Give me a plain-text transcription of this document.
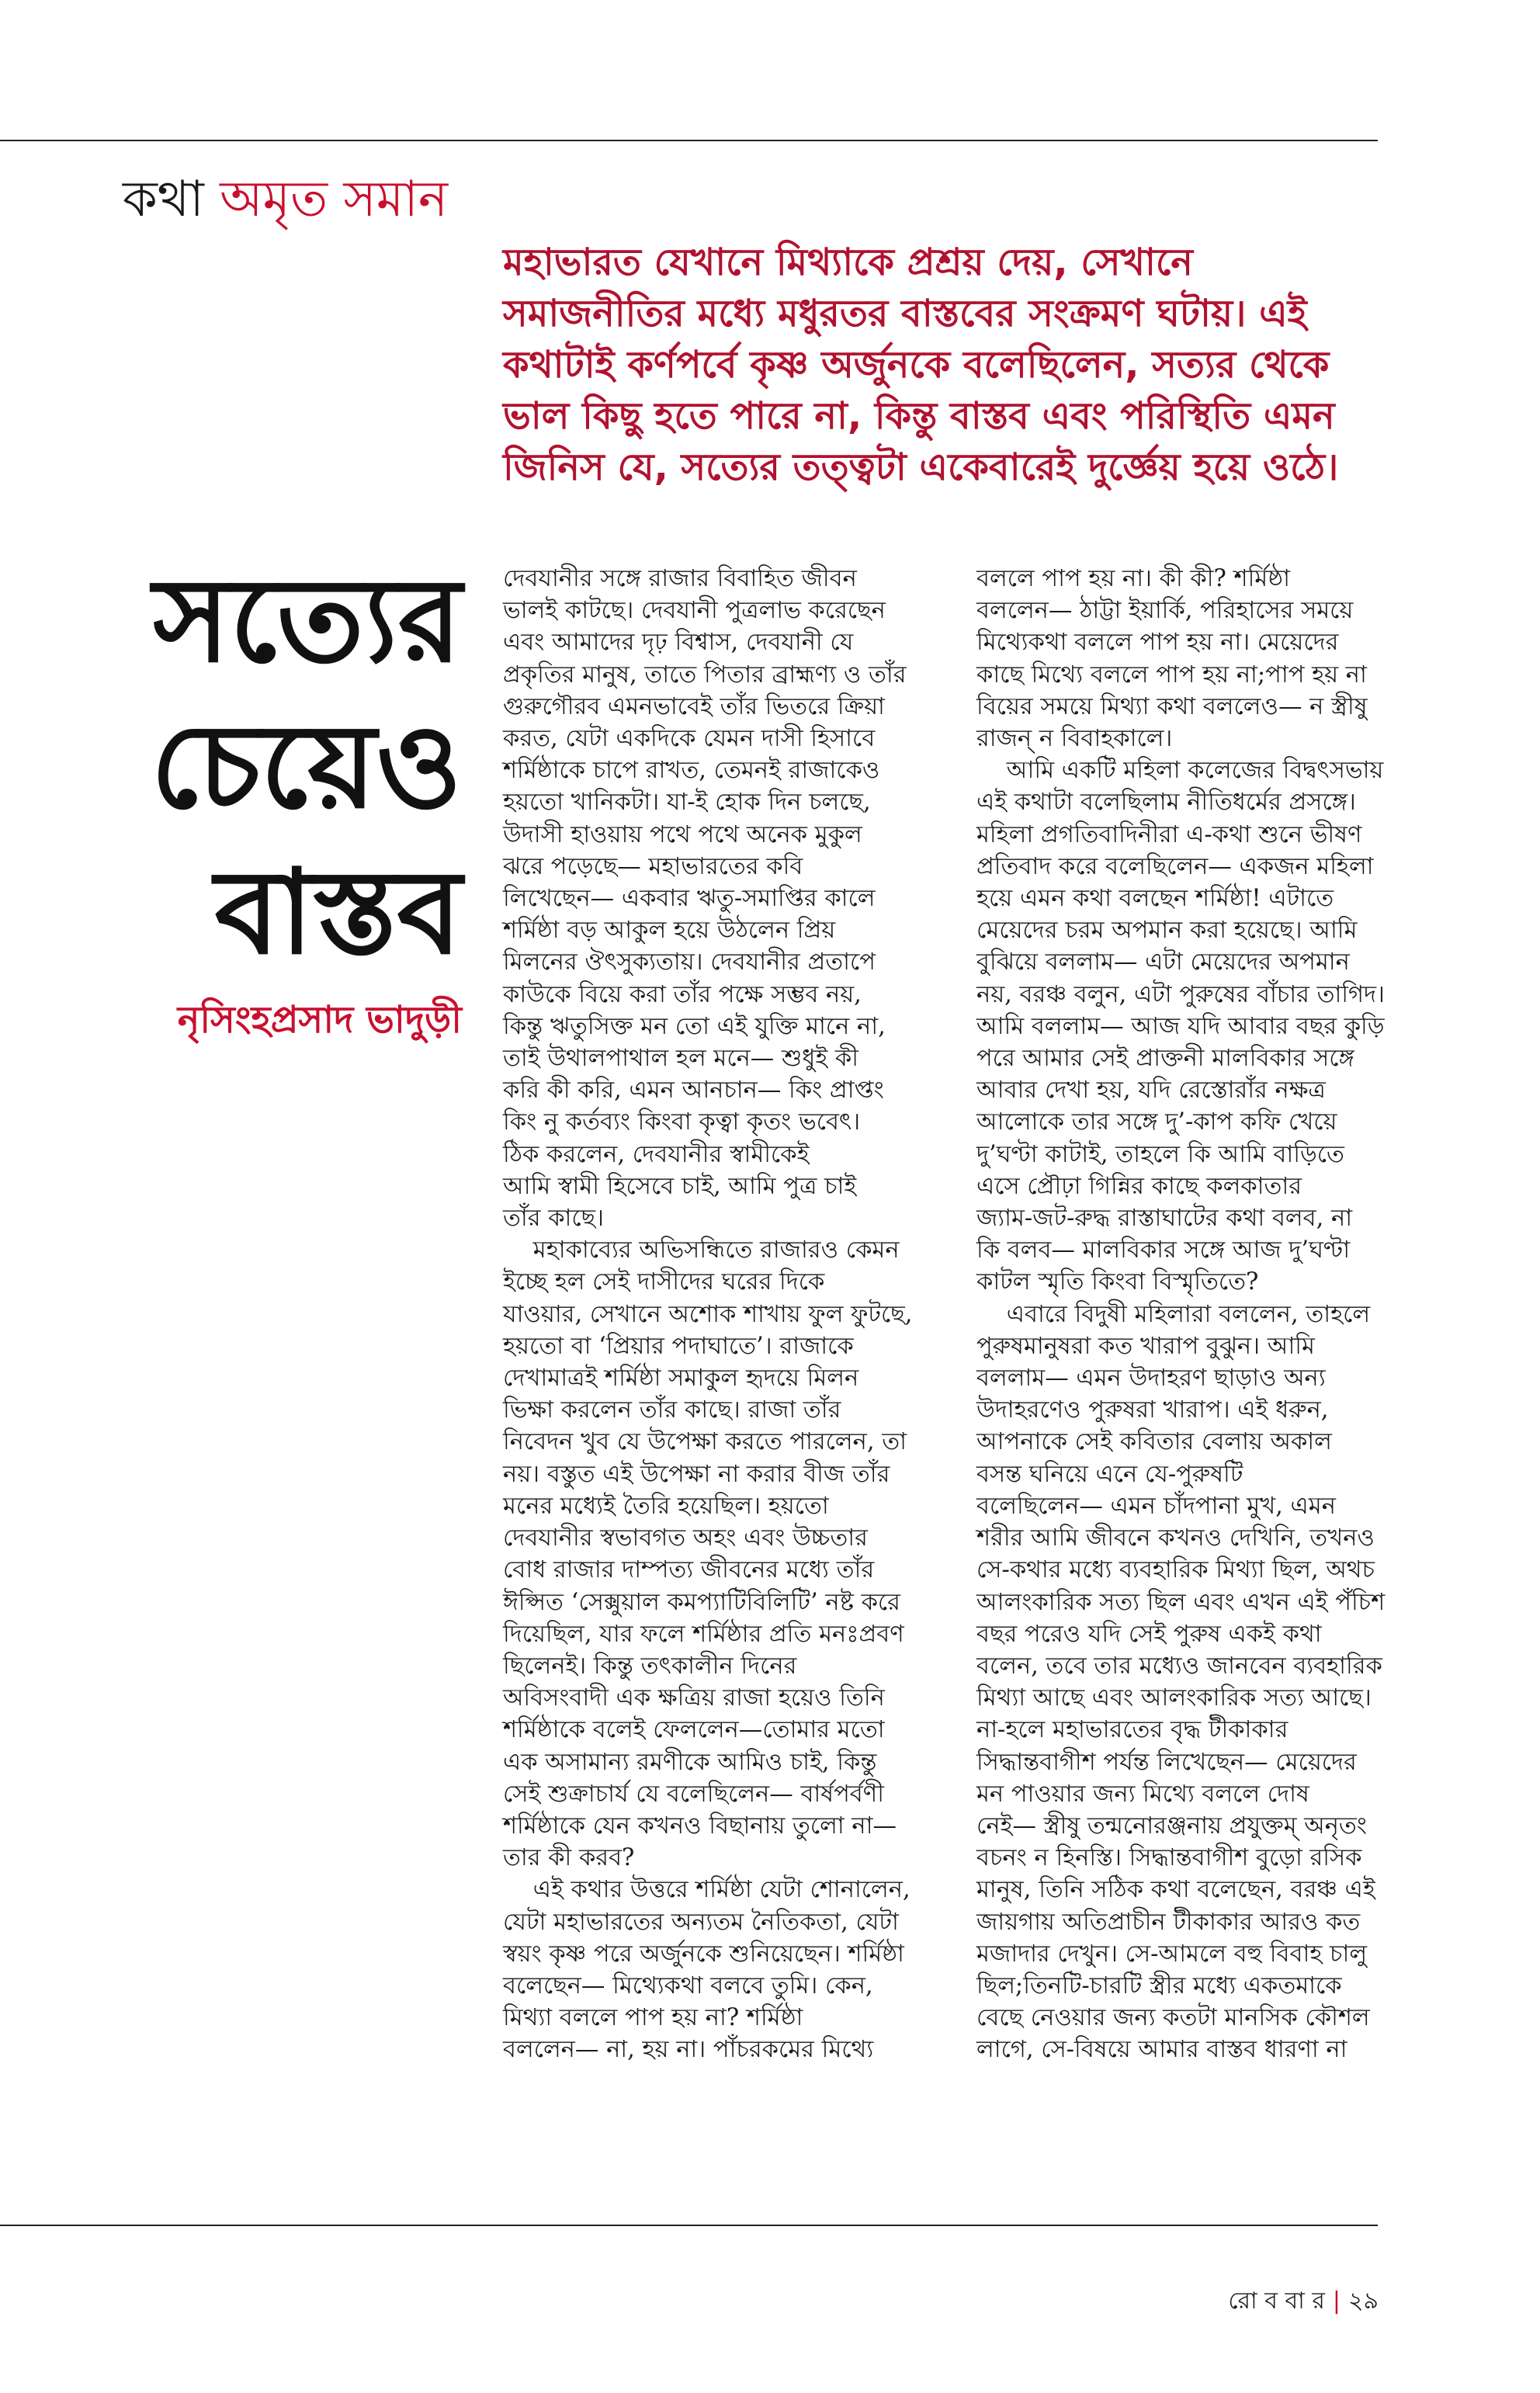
কথা অমৃত সমান
মহাভারত যেখানে মিথ্যাকে প্রশ্রয় দেয়, সেখানে
সমাজনীতির মধ্যে মধুরতর বাস্তবের সংক্রমণ ঘটায়। এই
কথাটাই কর্ণপর্বে কৃষ্ণ অর্জুনকে বলেছিলেন, সত্যর থেকে
ভাল কিছু হতে পারে না, কিন্তু বাস্তব এবং পরিস্থিতি এমন
জিনিস যে, সত্যের তত্ত্বটা একেবারেই দুর্জ্ঞেয় হয়ে ওঠে।
সত্যের
চেয়েও
বাস্তব
নৃসিংহপ্রসাদ ভাদুড়ী
দেবযানীর সঙ্গে রাজার বিবাহিত জীবন
ভালই কাটছে। দেবযানী পুত্রলাভ করেছেন
এবং আমাদের দৃঢ় বিশ্বাস, দেবযানী যে
প্রকৃতির মানুষ, তাতে পিতার ব্রাহ্মণ্য ও তাঁর
গুরুগৌরব এমনভাবেই তাঁর ভিতরে ক্রিয়া
করত, যেটা একদিকে যেমন দাসী হিসাবে
শর্মিষ্ঠাকে চাপে রাখত, তেমনই রাজাকেও
হয়তো খানিকটা। যা-ই হোক দিন চলছে,
উদাসী হাওয়ায় পথে পথে অনেক মুকুল
ঝরে পড়েছে— মহাভারতের কবি
লিখেছেন— একবার ঋতু-সমাপ্তির কালে
শর্মিষ্ঠা বড় আকুল হয়ে উঠলেন প্রিয়
মিলনের ঔৎসুক্যতায়। দেবযানীর প্রতাপে
কাউকে বিয়ে করা তাঁর পক্ষে সম্ভব নয়,
কিন্তু ঋতুসিক্ত মন তো এই যুক্তি মানে না,
তাই উথালপাথাল হল মনে— শুধুই কী
করি কী করি, এমন আনচান— কিং প্রাপ্তং
কিং নু কর্তব্যং কিংবা কৃত্বা কৃতং ভবেৎ।
ঠিক করলেন, দেবযানীর স্বামীকেই
আমি স্বামী হিসেবে চাই, আমি পুত্র চাই
তাঁর কাছে।
মহাকাব্যের অভিসন্ধিতে রাজারও কেমন
ইচ্ছে হল সেই দাসীদের ঘরের দিকে
যাওয়ার, সেখানে অশোক শাখায় ফুল ফুটছে,
হয়তো বা ‘প্রিয়ার পদাঘাতে’। রাজাকে
দেখামাত্রই শর্মিষ্ঠা সমাকুল হৃদয়ে মিলন
ভিক্ষা করলেন তাঁর কাছে। রাজা তাঁর
নিবেদন খুব যে উপেক্ষা করতে পারলেন, তা
নয়। বস্তুত এই উপেক্ষা না করার বীজ তাঁর
মনের মধ্যেই তৈরি হয়েছিল। হয়তো
দেবযানীর স্বভাবগত অহং এবং উচ্চতার
বোধ রাজার দাম্পত্য জীবনের মধ্যে তাঁর
ঈপ্সিত ‘সেক্সুয়াল কমপ্যাটিবিলিটি’ নষ্ট করে
দিয়েছিল, যার ফলে শর্মিষ্ঠার প্রতি মনঃপ্রবণ
ছিলেনই। কিন্তু তৎকালীন দিনের
অবিসংবাদী এক ক্ষত্রিয় রাজা হয়েও তিনি
শর্মিষ্ঠাকে বলেই ফেললেন—তোমার মতো
এক অসামান্য রমণীকে আমিও চাই, কিন্তু
সেই শুক্রাচার্য যে বলেছিলেন— বার্ষপর্বণী
শর্মিষ্ঠাকে যেন কখনও বিছানায় তুলো না—
তার কী করব?
এই কথার উত্তরে শর্মিষ্ঠা যেটা শোনালেন,
যেটা মহাভারতের অন্যতম নৈতিকতা, যেটা
স্বয়ং কৃষ্ণ পরে অর্জুনকে শুনিয়েছেন। শর্মিষ্ঠা
বলেছেন— মিথ্যেকথা বলবে তুমি। কেন,
মিথ্যা বললে পাপ হয় না? শর্মিষ্ঠা
বললেন— না, হয় না। পাঁচরকমের মিথ্যে
বললে পাপ হয় না। কী কী? শর্মিষ্ঠা
বললেন— ঠাট্টা ইয়ার্কি, পরিহাসের সময়ে
মিথ্যেকথা বললে পাপ হয় না। মেয়েদের
কাছে মিথ্যে বললে পাপ হয় না;পাপ হয় না
বিয়ের সময়ে মিথ্যা কথা বললেও— ন স্ত্রীষু
রাজন্‌ ন বিবাহকালে।
আমি একটি মহিলা কলেজের বিদ্বৎসভায়
এই কথাটা বলেছিলাম নীতিধর্মের প্রসঙ্গে।
মহিলা প্রগতিবাদিনীরা এ-কথা শুনে ভীষণ
প্রতিবাদ করে বলেছিলেন— একজন মহিলা
হয়ে এমন কথা বলছেন শর্মিষ্ঠা! এটাতে
মেয়েদের চরম অপমান করা হয়েছে। আমি
বুঝিয়ে বললাম— এটা মেয়েদের অপমান
নয়, বরঞ্চ বলুন, এটা পুরুষের বাঁচার তাগিদ।
আমি বললাম— আজ যদি আবার বছর কুড়ি
পরে আমার সেই প্রাক্তনী মালবিকার সঙ্গে
আবার দেখা হয়, যদি রেস্তোরাঁর নক্ষত্র
আলোকে তার সঙ্গে দু’-কাপ কফি খেয়ে
দু’ঘণ্টা কাটাই, তাহলে কি আমি বাড়িতে
এসে প্রৌঢ়া গিন্নির কাছে কলকাতার
জ্যাম-জট-রুদ্ধ রাস্তাঘাটের কথা বলব, না
কি বলব— মালবিকার সঙ্গে আজ দু’ঘণ্টা
কাটল স্মৃতি কিংবা বিস্মৃতিতে?
এবারে বিদুষী মহিলারা বললেন, তাহলে
পুরুষমানুষরা কত খারাপ বুঝুন। আমি
বললাম— এমন উদাহরণ ছাড়াও অন্য
উদাহরণেও পুরুষরা খারাপ। এই ধরুন,
আপনাকে সেই কবিতার বেলায় অকাল
বসন্ত ঘনিয়ে এনে যে-পুরুষটি
বলেছিলেন— এমন চাঁদপানা মুখ, এমন
শরীর আমি জীবনে কখনও দেখিনি, তখনও
সে-কথার মধ্যে ব্যবহারিক মিথ্যা ছিল, অথচ
আলংকারিক সত্য ছিল এবং এখন এই পঁচিশ
বছর পরেও যদি সেই পুরুষ একই কথা
বলেন, তবে তার মধ্যেও জানবেন ব্যবহারিক
মিথ্যা আছে এবং আলংকারিক সত্য আছে।
না-হলে মহাভারতের বৃদ্ধ টীকাকার
সিদ্ধান্তবাগীশ পর্যন্ত লিখেছেন— মেয়েদের
মন পাওয়ার জন্য মিথ্যে বললে দোষ
নেই— স্ত্রীষু তন্মনোরঞ্জনায় প্রযুক্তম্‌ অনৃতং
বচনং ন হিনস্তি। সিদ্ধান্তবাগীশ বুড়ো রসিক
মানুষ, তিনি সঠিক কথা বলেছেন, বরঞ্চ এই
জায়গায় অতিপ্রাচীন টীকাকার আরও কত
মজাদার দেখুন। সে-আমলে বহু বিবাহ চালু
ছিল;তিনটি-চারটি স্ত্রীর মধ্যে একতমাকে
বেছে নেওয়ার জন্য কতটা মানসিক কৌশল
লাগে, সে-বিষয়ে আমার বাস্তব ধারণা না
রো ব বা র | ২৯
